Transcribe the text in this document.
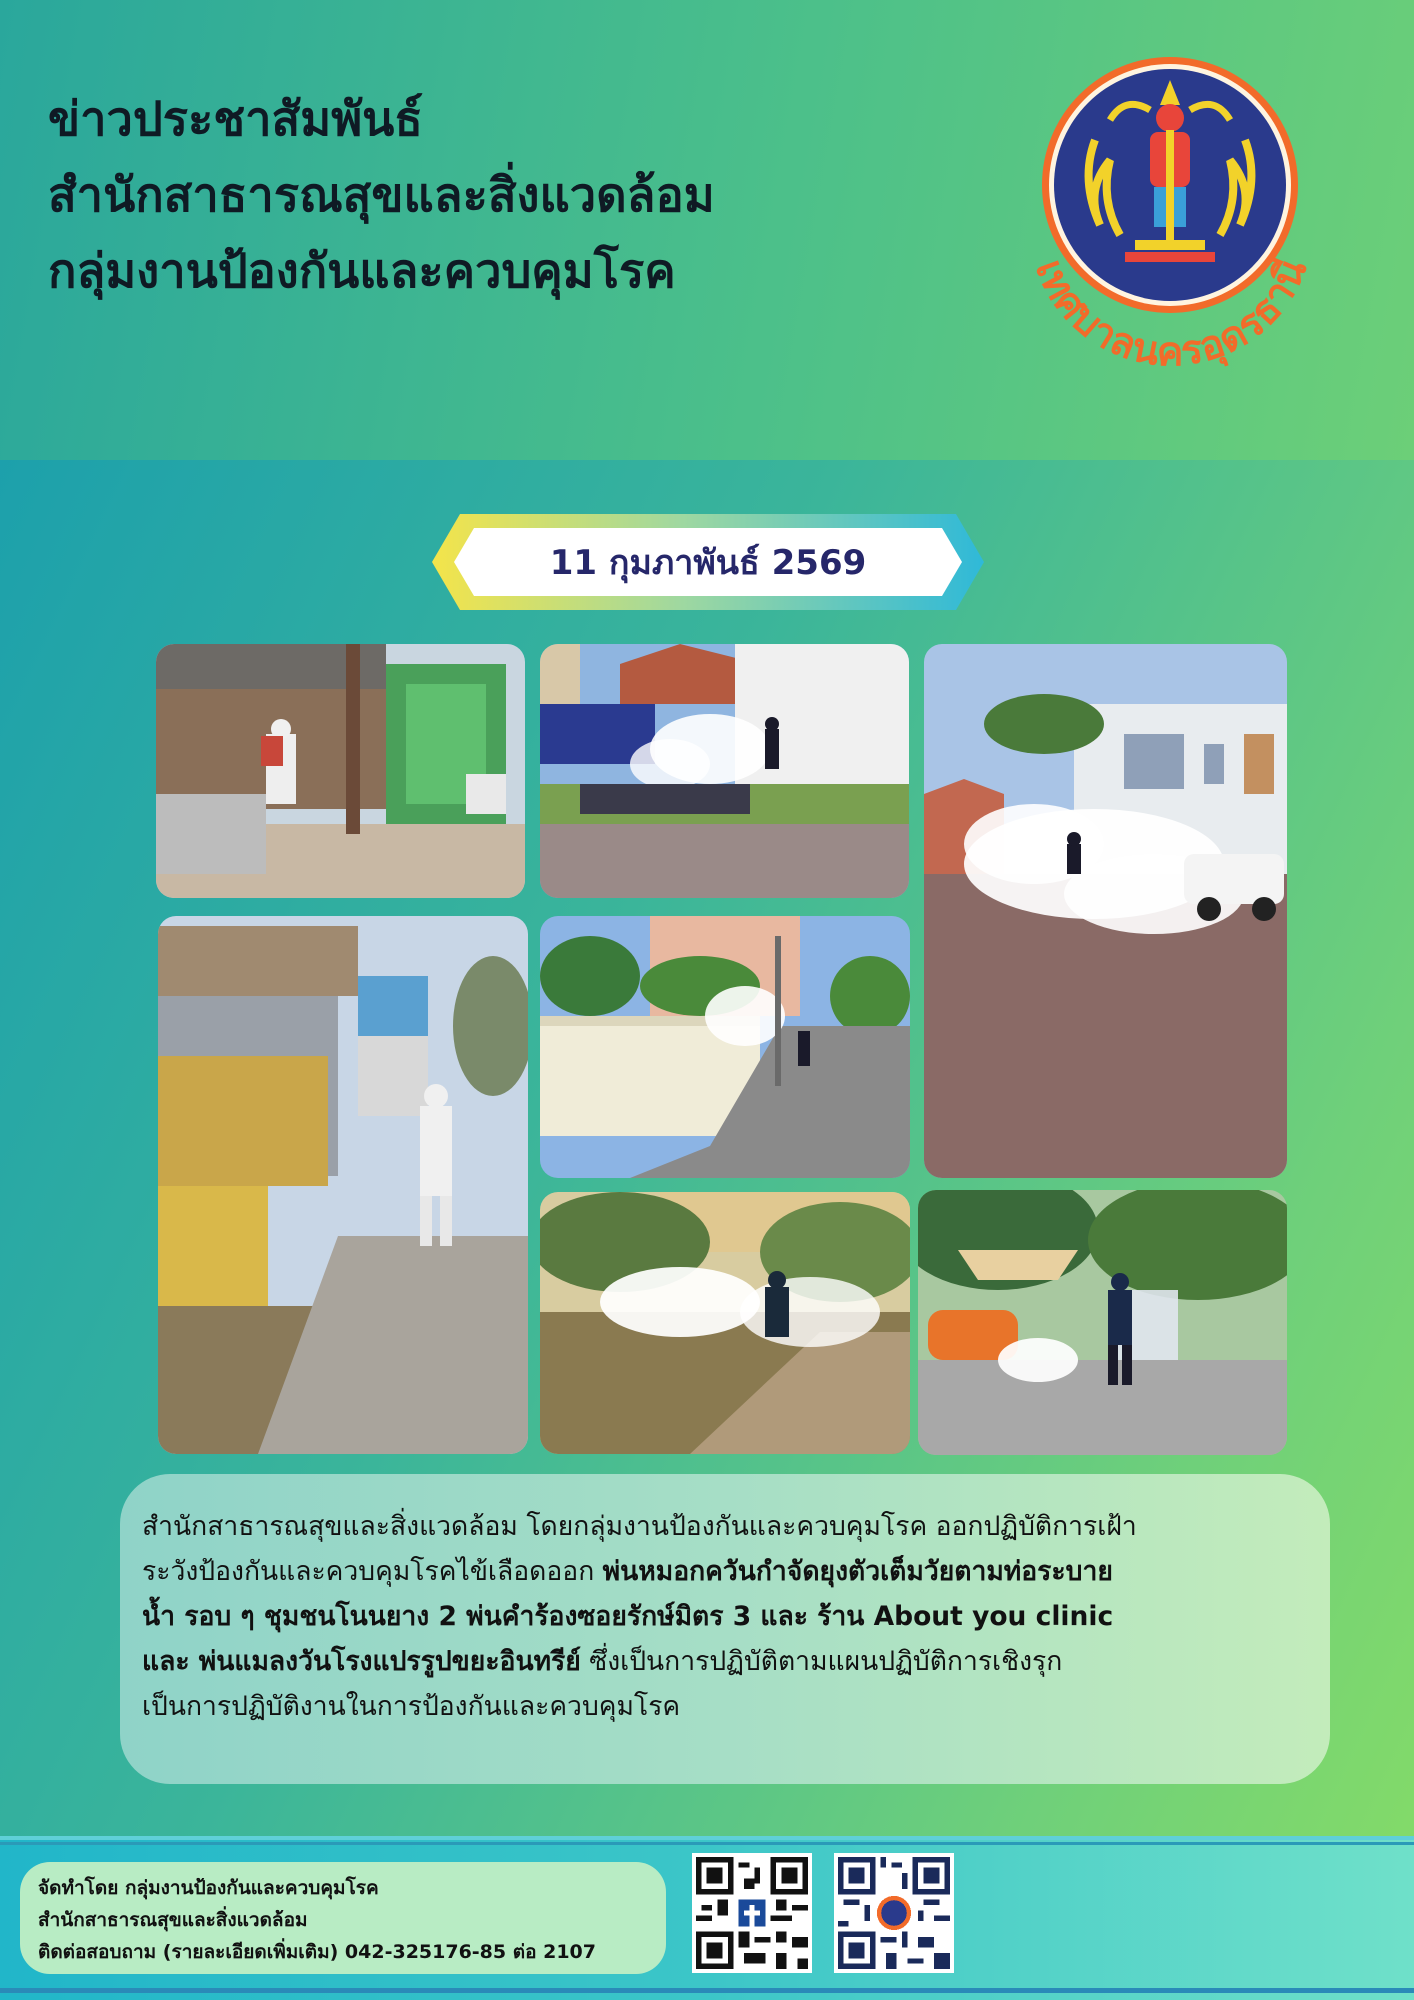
ข่าวประชาสัมพันธ์
สำนักสาธารณสุขและสิ่งแวดล้อม
กลุ่มงานป้องกันและควบคุมโรค	เทศบาลนครอุดรธานี
11 กุมภาพันธ์ 2569
สำนักสาธารณสุขและสิ่งแวดล้อม โดยกลุ่มงานป้องกันและควบคุมโรค ออกปฏิบัติการเฝ้า
ระวังป้องกันและควบคุมโรคไข้เลือดออก พ่นหมอกควันกำจัดยุงตัวเต็มวัยตามท่อระบาย
น้ำ รอบ ๆ ชุมชนโนนยาง 2 พ่นคำร้องซอยรักษ์มิตร 3 และ ร้าน About you clinic
และ พ่นแมลงวันโรงแปรรูปขยะอินทรีย์ ซึ่งเป็นการปฏิบัติตามแผนปฏิบัติการเชิงรุก
เป็นการปฏิบัติงานในการป้องกันและควบคุมโรค
จัดทำโดย กลุ่มงานป้องกันและควบคุมโรค
สำนักสาธารณสุขและสิ่งแวดล้อม
ติดต่อสอบถาม (รายละเอียดเพิ่มเติม) 042-325176-85 ต่อ 2107
